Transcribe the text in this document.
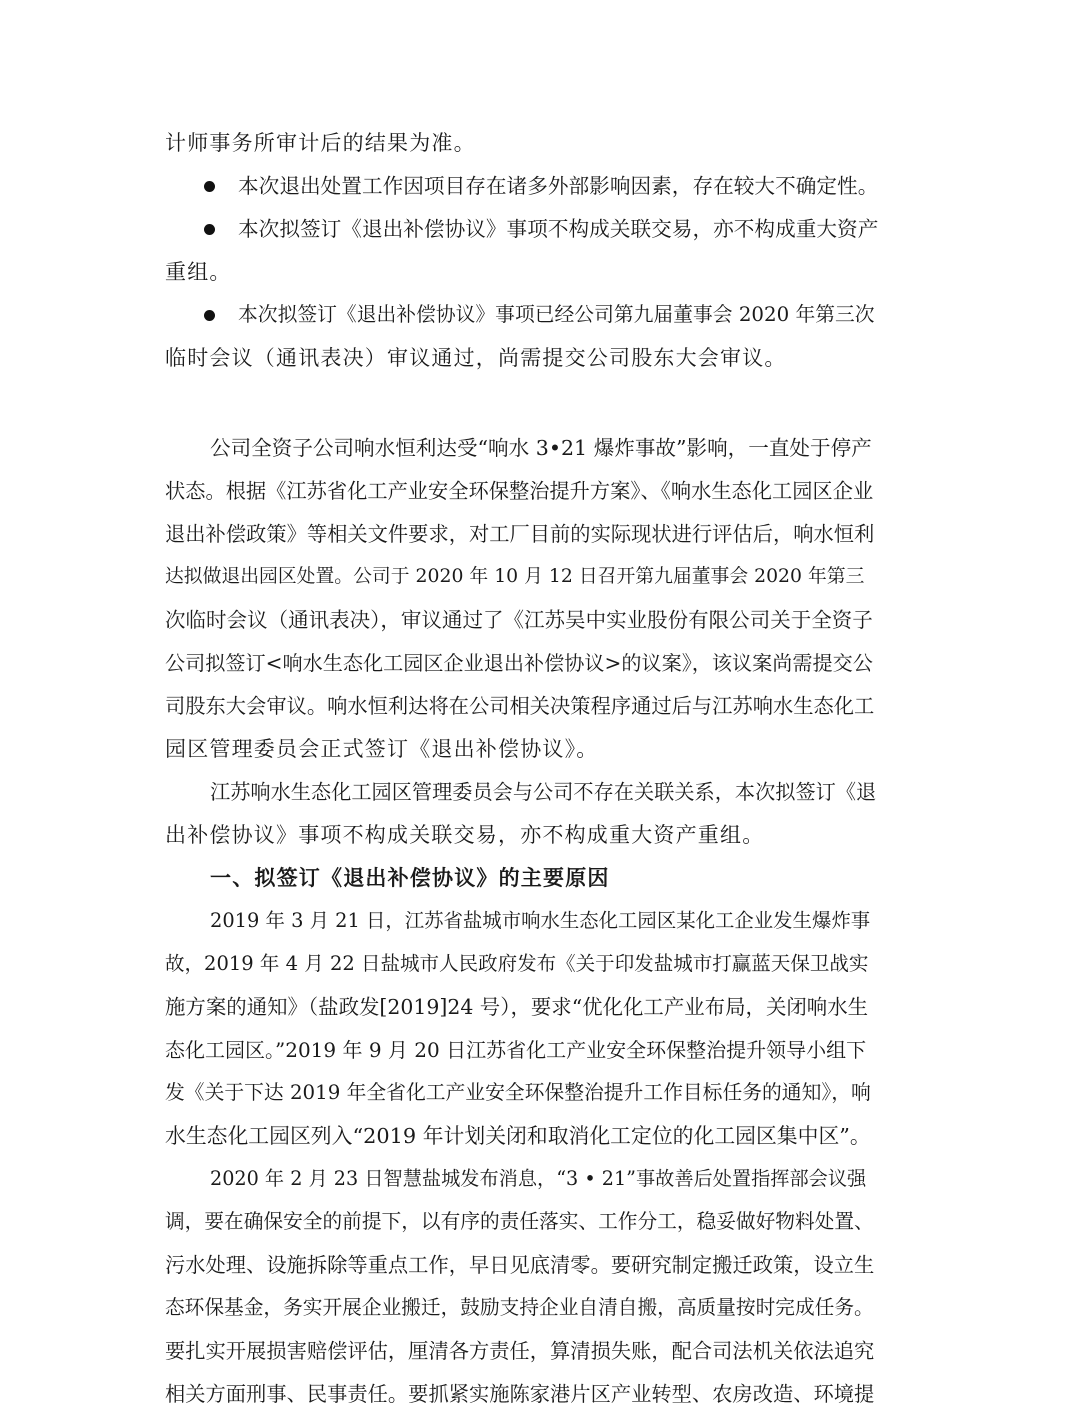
计师事务所审计后的结果为准。
本次退出处置工作因项目存在诸多外部影响因素，存在较大不确定性。
本次拟签订《退出补偿协议》事项不构成关联交易，亦不构成重大资产
重组。
本次拟签订《退出补偿协议》事项已经公司第九届董事会 2020 年第三次
临时会议（通讯表决）审议通过，尚需提交公司股东大会审议。
公司全资子公司响水恒利达受“响水 3•21 爆炸事故”影响，一直处于停产
状态。根据《江苏省化工产业安全环保整治提升方案》、《响水生态化工园区企业
退出补偿政策》等相关文件要求，对工厂目前的实际现状进行评估后，响水恒利
达拟做退出园区处置。公司于 2020 年 10 月 12 日召开第九届董事会 2020 年第三
次临时会议（通讯表决），审议通过了《江苏吴中实业股份有限公司关于全资子
公司拟签订<响水生态化工园区企业退出补偿协议>的议案》，该议案尚需提交公
司股东大会审议。响水恒利达将在公司相关决策程序通过后与江苏响水生态化工
园区管理委员会正式签订《退出补偿协议》。
江苏响水生态化工园区管理委员会与公司不存在关联关系，本次拟签订《退
出补偿协议》事项不构成关联交易，亦不构成重大资产重组。
一、拟签订《退出补偿协议》的主要原因
2019 年 3 月 21 日，江苏省盐城市响水生态化工园区某化工企业发生爆炸事
故，2019 年 4 月 22 日盐城市人民政府发布《关于印发盐城市打赢蓝天保卫战实
施方案的通知》（盐政发[2019]24 号），要求“优化化工产业布局，关闭响水生
态化工园区。”2019 年 9 月 20 日江苏省化工产业安全环保整治提升领导小组下
发《关于下达 2019 年全省化工产业安全环保整治提升工作目标任务的通知》，响
水生态化工园区列入“2019 年计划关闭和取消化工定位的化工园区集中区”。
2020 年 2 月 23 日智慧盐城发布消息，“3 • 21”事故善后处置指挥部会议强
调，要在确保安全的前提下，以有序的责任落实、工作分工，稳妥做好物料处置、
污水处理、设施拆除等重点工作，早日见底清零。要研究制定搬迁政策，设立生
态环保基金，务实开展企业搬迁，鼓励支持企业自清自搬，高质量按时完成任务。
要扎实开展损害赔偿评估，厘清各方责任，算清损失账，配合司法机关依法追究
相关方面刑事、民事责任。要抓紧实施陈家港片区产业转型、农房改造、环境提
